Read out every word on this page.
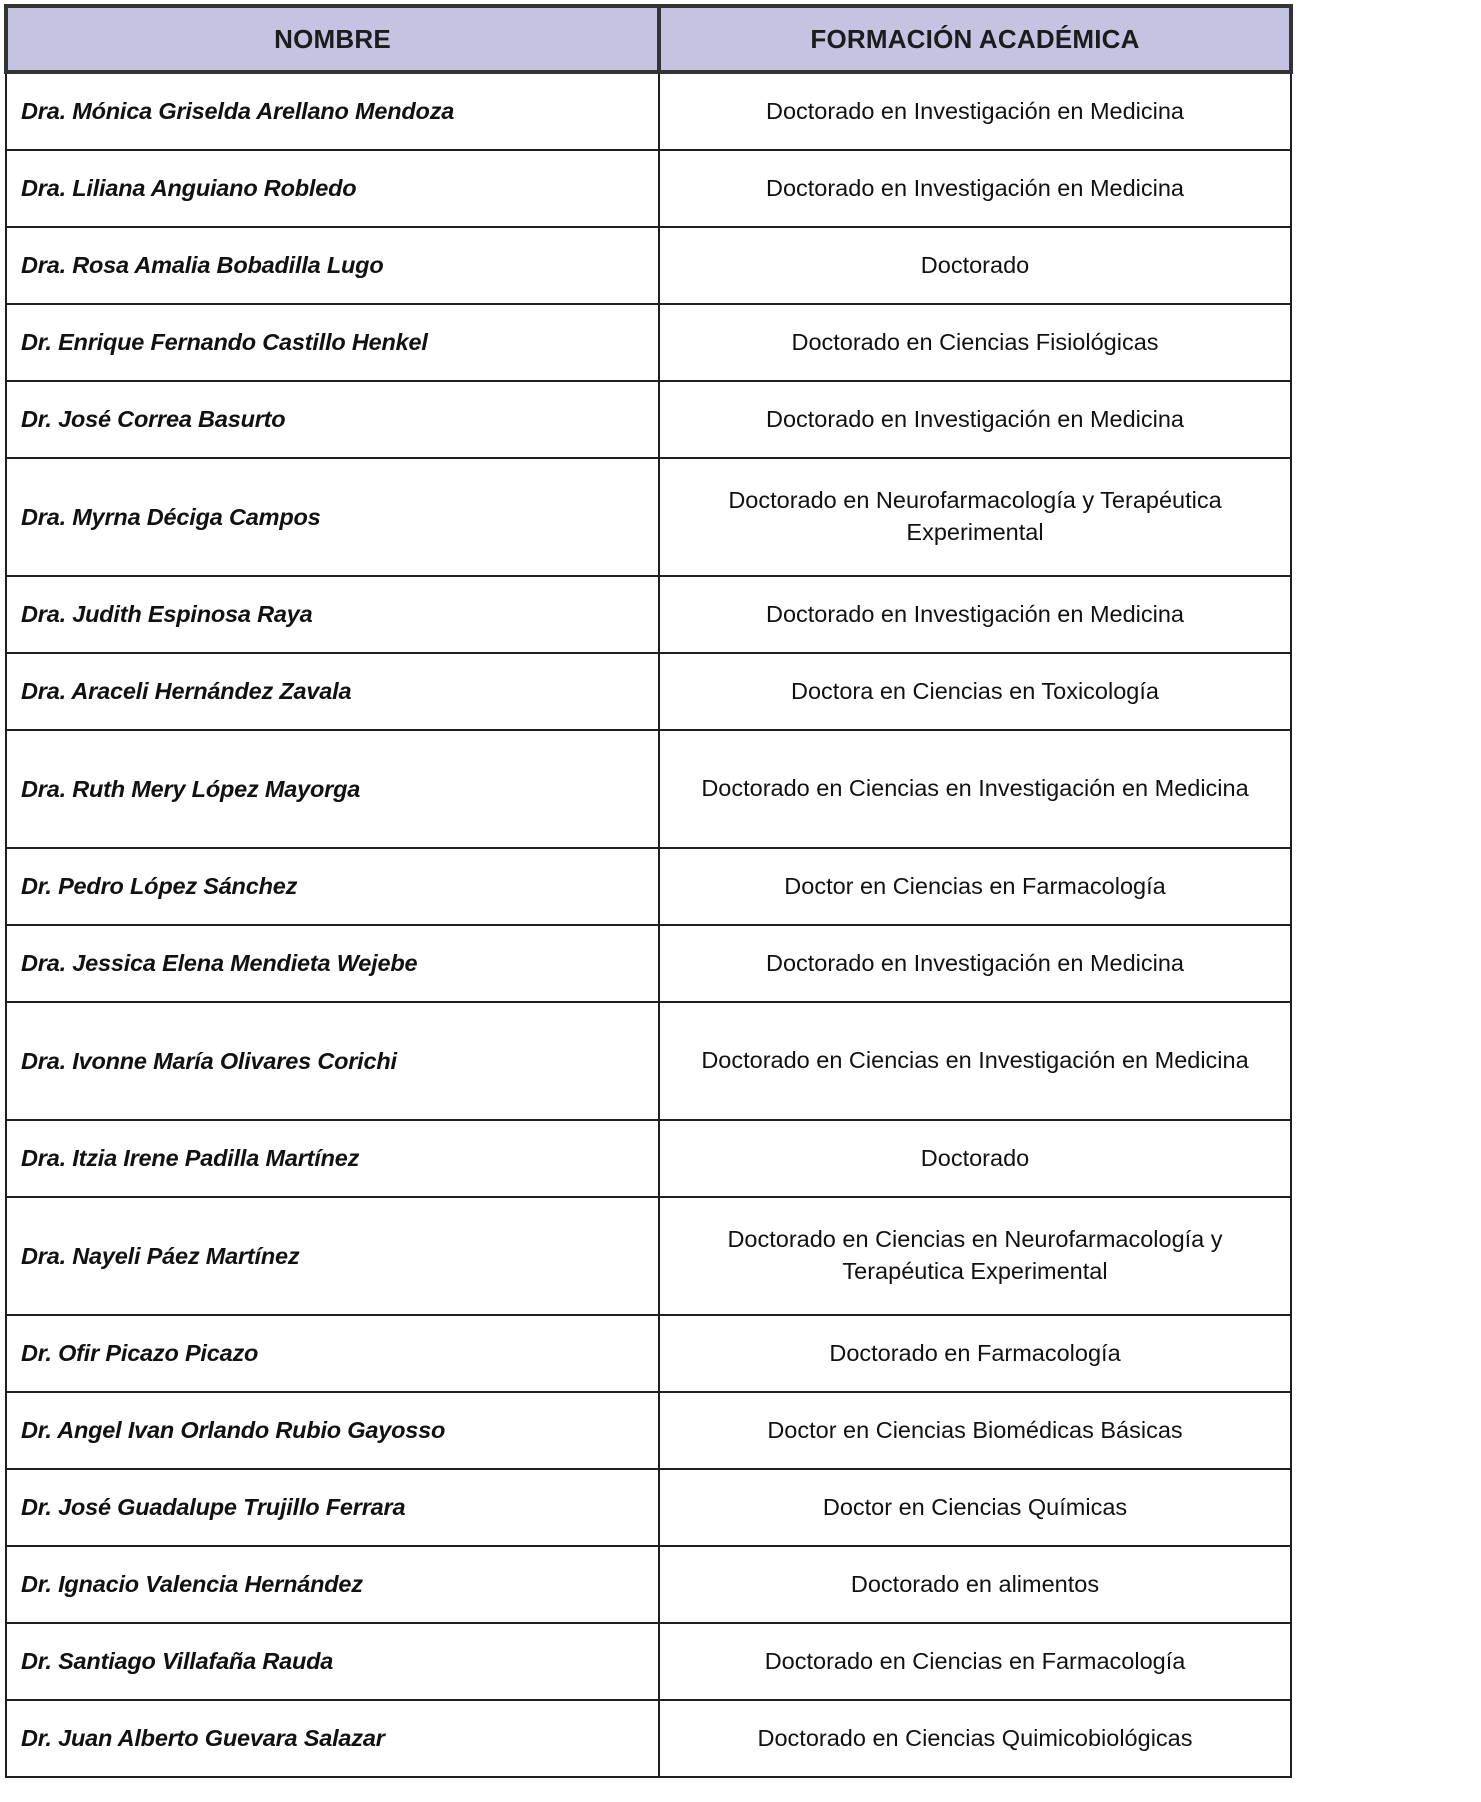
NOMBRE	FORMACIÓN ACADÉMICA
Dra. Mónica Griselda Arellano Mendoza	Doctorado en Investigación en Medicina
Dra. Liliana Anguiano Robledo	Doctorado en Investigación en Medicina
Dra. Rosa Amalia Bobadilla Lugo	Doctorado
Dr. Enrique Fernando Castillo Henkel	Doctorado en Ciencias Fisiológicas
Dr. José Correa Basurto	Doctorado en Investigación en Medicina
Dra. Myrna Déciga Campos	Doctorado en Neurofarmacología y Terapéutica Experimental
Dra. Judith Espinosa Raya	Doctorado en Investigación en Medicina
Dra. Araceli Hernández Zavala	Doctora en Ciencias en Toxicología
Dra. Ruth Mery López Mayorga	Doctorado en Ciencias en Investigación en Medicina
Dr. Pedro López Sánchez	Doctor en Ciencias en Farmacología
Dra. Jessica Elena Mendieta Wejebe	Doctorado en Investigación en Medicina
Dra. Ivonne María Olivares Corichi	Doctorado en Ciencias en Investigación en Medicina
Dra. Itzia Irene Padilla Martínez	Doctorado
Dra. Nayeli Páez Martínez	Doctorado en Ciencias en Neurofarmacología y Terapéutica Experimental
Dr. Ofir Picazo Picazo	Doctorado en Farmacología
Dr. Angel Ivan Orlando Rubio Gayosso	Doctor en Ciencias Biomédicas Básicas
Dr. José Guadalupe Trujillo Ferrara	Doctor en Ciencias Químicas
Dr. Ignacio Valencia Hernández	Doctorado en alimentos
Dr. Santiago Villafaña Rauda	Doctorado en Ciencias en Farmacología
Dr. Juan Alberto Guevara Salazar	Doctorado en Ciencias Quimicobiológicas
